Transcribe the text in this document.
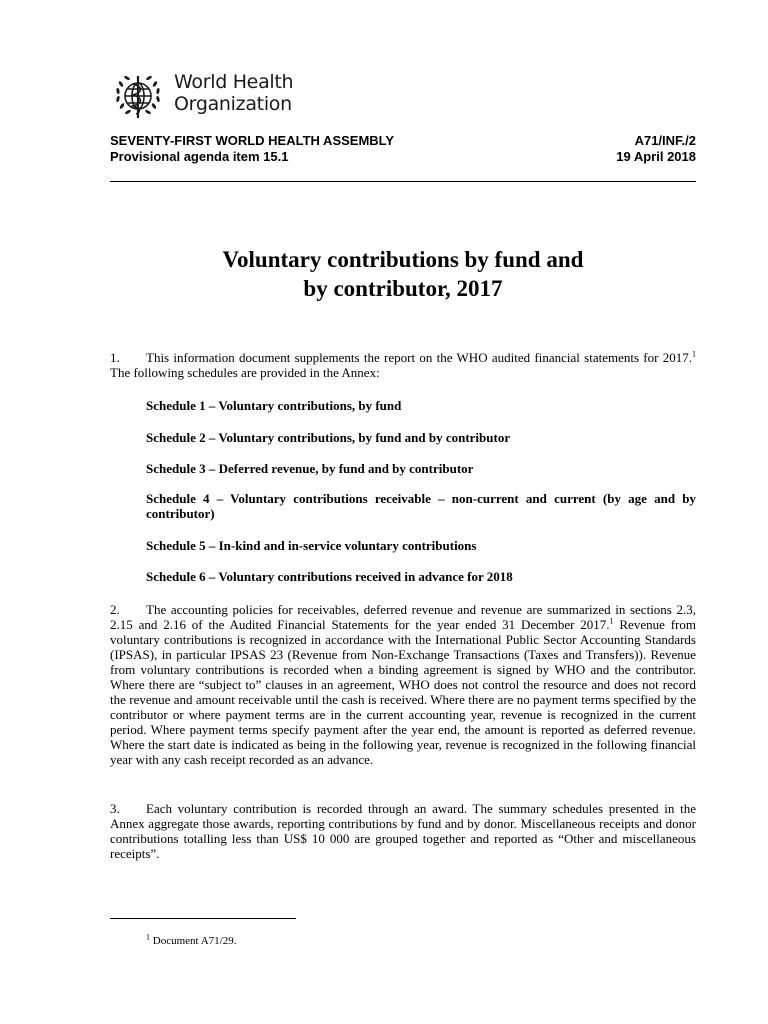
World Health
Organization
SEVENTY-FIRST WORLD HEALTH ASSEMBLY
Provisional agenda item 15.1
A71/INF./2
19 April 2018
Voluntary contributions by fund and
by contributor, 2017
1. This information document supplements the report on the WHO audited financial statements for 2017.$^1$ The following schedules are provided in the Annex:
Schedule 1 – Voluntary contributions, by fund
Schedule 2 – Voluntary contributions, by fund and by contributor
Schedule 3 – Deferred revenue, by fund and by contributor
Schedule 4 – Voluntary contributions receivable – non-current and current (by age and by contributor)
Schedule 5 – In-kind and in-service voluntary contributions
Schedule 6 – Voluntary contributions received in advance for 2018
2. The accounting policies for receivables, deferred revenue and revenue are summarized in sections 2.3, 2.15 and 2.16 of the Audited Financial Statements for the year ended 31 December 2017.$^1$ Revenue from voluntary contributions is recognized in accordance with the International Public Sector Accounting Standards (IPSAS), in particular IPSAS 23 (Revenue from Non-Exchange Transactions (Taxes and Transfers)). Revenue from voluntary contributions is recorded when a binding agreement is signed by WHO and the contributor. Where there are “subject to” clauses in an agreement, WHO does not control the resource and does not record the revenue and amount receivable until the cash is received. Where there are no payment terms specified by the contributor or where payment terms are in the current accounting year, revenue is recognized in the current period. Where payment terms specify payment after the year end, the amount is reported as deferred revenue. Where the start date is indicated as being in the following year, revenue is recognized in the following financial year with any cash receipt recorded as an advance.
3. Each voluntary contribution is recorded through an award. The summary schedules presented in the Annex aggregate those awards, reporting contributions by fund and by donor. Miscellaneous receipts and donor contributions totalling less than US$ 10 000 are grouped together and reported as “Other and miscellaneous receipts”.
$^1$ Document A71/29.
